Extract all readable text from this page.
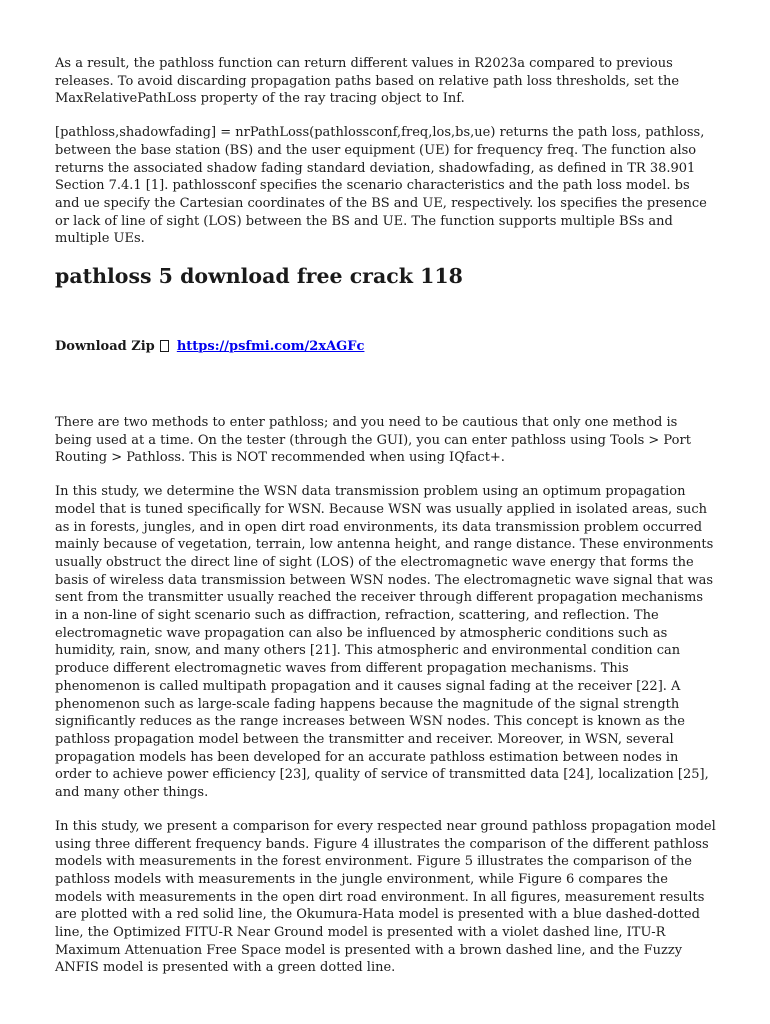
As a result, the pathloss function can return different values in R2023a compared to previous releases. To avoid discarding propagation paths based on relative path loss thresholds, set the MaxRelativePathLoss property of the ray tracing object to Inf.

[pathloss,shadowfading] = nrPathLoss(pathlossconf,freq,los,bs,ue) returns the path loss, pathloss, between the base station (BS) and the user equipment (UE) for frequency freq. The function also returns the associated shadow fading standard deviation, shadowfading, as defined in TR 38.901 Section 7.4.1 [1]. pathlossconf specifies the scenario characteristics and the path loss model. bs and ue specify the Cartesian coordinates of the BS and UE, respectively. los specifies the presence or lack of line of sight (LOS) between the BS and UE. The function supports multiple BSs and multiple UEs.

pathloss 5 download free crack 118
Download Zip https://psfmi.com/2xAGFc

There are two methods to enter pathloss; and you need to be cautious that only one method is being used at a time. On the tester (through the GUI), you can enter pathloss using Tools > Port Routing > Pathloss. This is NOT recommended when using IQfact+.

In this study, we determine the WSN data transmission problem using an optimum propagation model that is tuned specifically for WSN. Because WSN was usually applied in isolated areas, such as in forests, jungles, and in open dirt road environments, its data transmission problem occurred mainly because of vegetation, terrain, low antenna height, and range distance. These environments usually obstruct the direct line of sight (LOS) of the electromagnetic wave energy that forms the basis of wireless data transmission between WSN nodes. The electromagnetic wave signal that was sent from the transmitter usually reached the receiver through different propagation mechanisms in a non-line of sight scenario such as diffraction, refraction, scattering, and reflection. The electromagnetic wave propagation can also be influenced by atmospheric conditions such as humidity, rain, snow, and many others [21]. This atmospheric and environmental condition can produce different electromagnetic waves from different propagation mechanisms. This phenomenon is called multipath propagation and it causes signal fading at the receiver [22]. A phenomenon such as large-scale fading happens because the magnitude of the signal strength significantly reduces as the range increases between WSN nodes. This concept is known as the pathloss propagation model between the transmitter and receiver. Moreover, in WSN, several propagation models has been developed for an accurate pathloss estimation between nodes in order to achieve power efficiency [23], quality of service of transmitted data [24], localization [25], and many other things.

In this study, we present a comparison for every respected near ground pathloss propagation model using three different frequency bands. Figure 4 illustrates the comparison of the different pathloss models with measurements in the forest environment. Figure 5 illustrates the comparison of the pathloss models with measurements in the jungle environment, while Figure 6 compares the models with measurements in the open dirt road environment. In all figures, measurement results are plotted with a red solid line, the Okumura-Hata model is presented with a blue dashed-dotted line, the Optimized FITU-R Near Ground model is presented with a violet dashed line, ITU-R Maximum Attenuation Free Space model is presented with a brown dashed line, and the Fuzzy ANFIS model is presented with a green dotted line.
